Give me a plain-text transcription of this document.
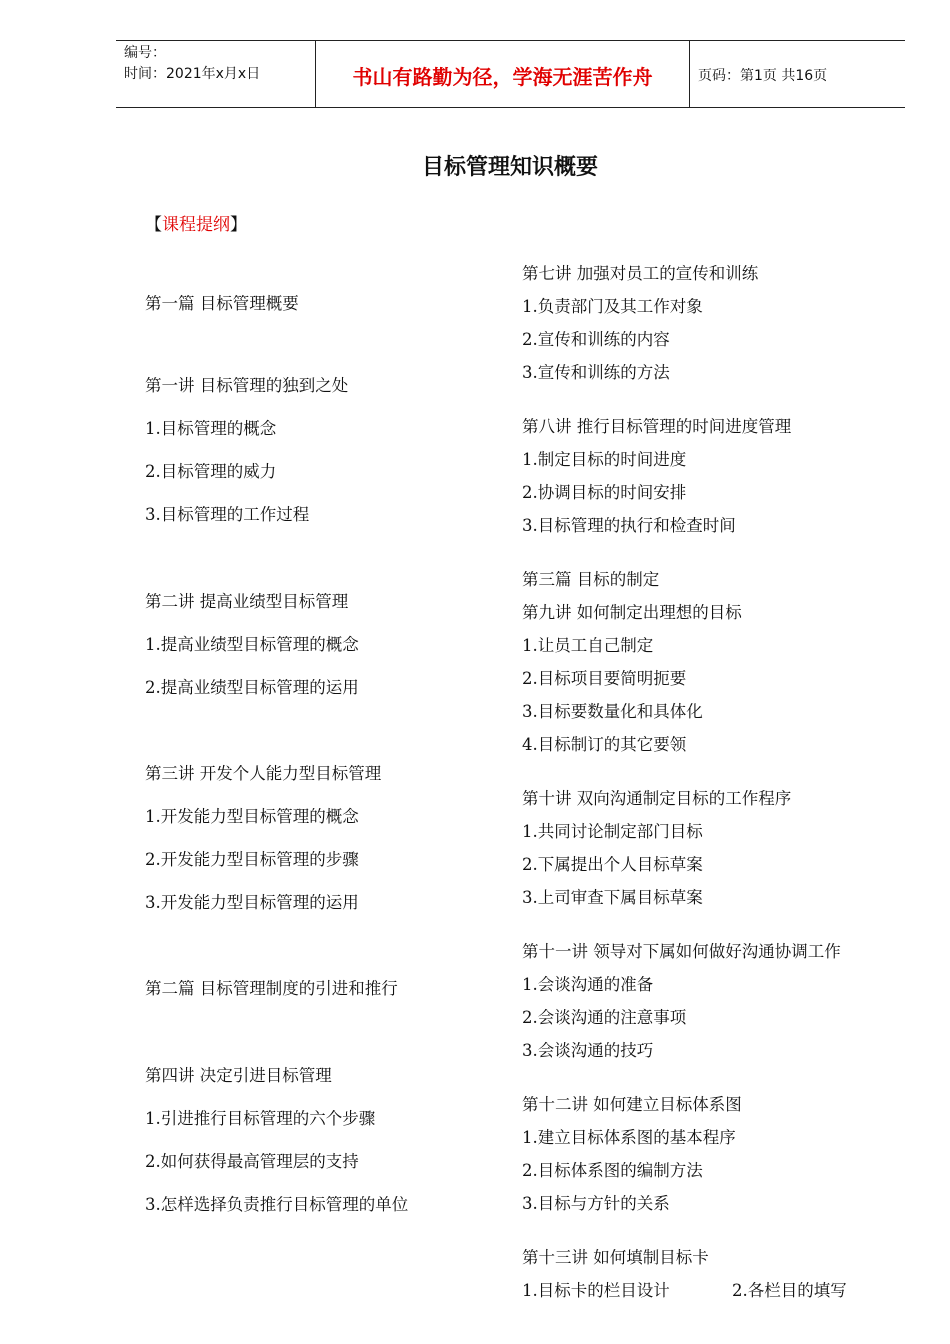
编号：
时间：2021年x月x日	书山有路勤为径，学海无涯苦作舟	页码：第1页 共16页
目标管理知识概要
【课程提纲】
第一篇 目标管理概要
第一讲 目标管理的独到之处
1.目标管理的概念
2.目标管理的威力
3.目标管理的工作过程
第二讲 提高业绩型目标管理
1.提高业绩型目标管理的概念
2.提高业绩型目标管理的运用
第三讲 开发个人能力型目标管理
1.开发能力型目标管理的概念
2.开发能力型目标管理的步骤
3.开发能力型目标管理的运用
第二篇 目标管理制度的引进和推行
第四讲 决定引进目标管理
1.引进推行目标管理的六个步骤
2.如何获得最高管理层的支持
3.怎样选择负责推行目标管理的单位
第七讲 加强对员工的宣传和训练
1.负责部门及其工作对象
2.宣传和训练的内容
3.宣传和训练的方法
第八讲 推行目标管理的时间进度管理
1.制定目标的时间进度
2.协调目标的时间安排
3.目标管理的执行和检查时间
第三篇 目标的制定
第九讲 如何制定出理想的目标
1.让员工自己制定
2.目标项目要简明扼要
3.目标要数量化和具体化
4.目标制订的其它要领
第十讲 双向沟通制定目标的工作程序
1.共同讨论制定部门目标
2.下属提出个人目标草案
3.上司审查下属目标草案
第十一讲 领导对下属如何做好沟通协调工作
1.会谈沟通的准备
2.会谈沟通的注意事项
3.会谈沟通的技巧
第十二讲 如何建立目标体系图
1.建立目标体系图的基本程序
2.目标体系图的编制方法
3.目标与方针的关系
第十三讲 如何填制目标卡
1.目标卡的栏目设计	2.各栏目的填写
